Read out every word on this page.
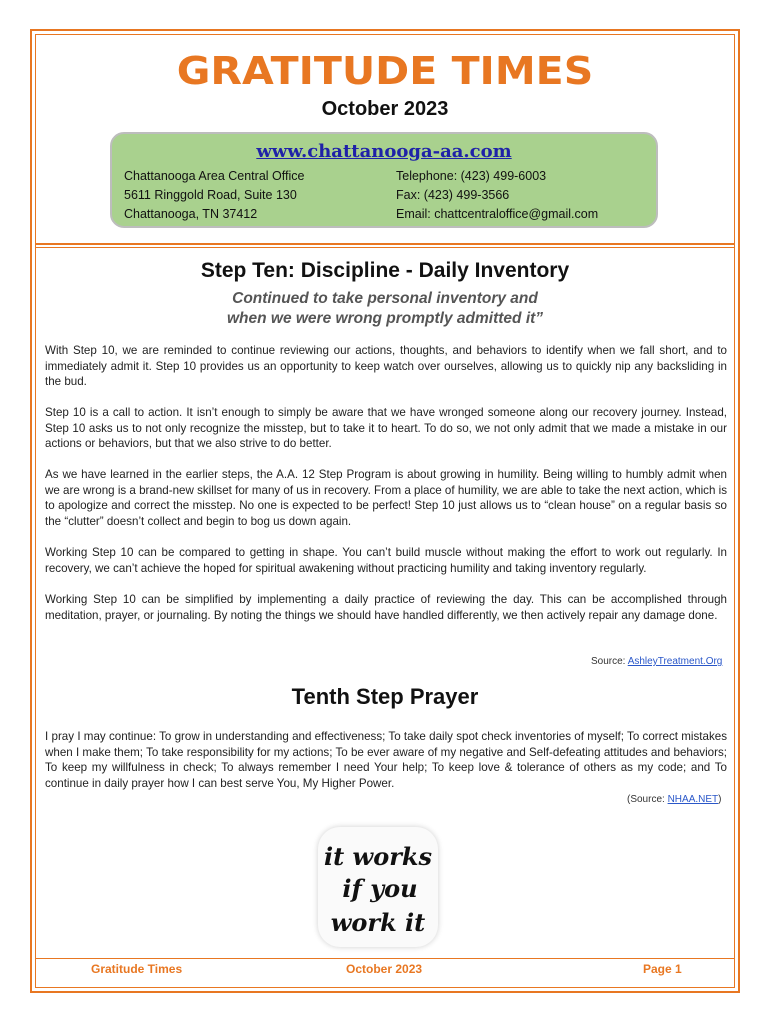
GRATITUDE TIMES
October 2023
www.chattanooga-aa.com
Chattanooga Area Central Office
5611 Ringgold Road, Suite 130
Chattanooga, TN 37412
Telephone: (423) 499-6003
Fax: (423) 499-3566
Email: chattcentraloffice@gmail.com
Step Ten: Discipline - Daily Inventory
Continued to take personal inventory and
when we were wrong promptly admitted it”

With Step 10, we are reminded to continue reviewing our actions, thoughts, and behaviors to identify when we fall short, and to immediately admit it. Step 10 provides us an opportunity to keep watch over ourselves, allowing us to quickly nip any backsliding in the bud.

Step 10 is a call to action. It isn’t enough to simply be aware that we have wronged someone along our recovery journey. Instead, Step 10 asks us to not only recognize the misstep, but to take it to heart. To do so, we not only admit that we made a mistake in our actions or behaviors, but that we also strive to do better.

As we have learned in the earlier steps, the A.A. 12 Step Program is about growing in humility. Being willing to humbly admit when we are wrong is a brand-new skillset for many of us in recovery. From a place of humility, we are able to take the next action, which is to apologize and correct the misstep. No one is expected to be perfect! Step 10 just allows us to “clean house” on a regular basis so the “clutter” doesn’t collect and begin to bog us down again.

Working Step 10 can be compared to getting in shape. You can’t build muscle without making the effort to work out regularly. In recovery, we can’t achieve the hoped for spiritual awakening without practicing humility and taking inventory regularly.

Working Step 10 can be simplified by implementing a daily practice of reviewing the day. This can be accomplished through meditation, prayer, or journaling. By noting the things we should have handled differently, we then actively repair any damage done.

Source: AshleyTreatment.Org
Tenth Step Prayer

I pray I may continue: To grow in understanding and effectiveness; To take daily spot check inventories of myself; To correct mistakes when I make them; To take responsibility for my actions; To be ever aware of my negative and Self-defeating attitudes and behaviors; To keep my willfulness in check; To always remember I need Your help; To keep love & tolerance of others as my code; and To continue in daily prayer how I can best serve You, My Higher Power.

(Source: NHAA.NET)
it works
if you
work it
Gratitude Times	October 2023	Page 1
